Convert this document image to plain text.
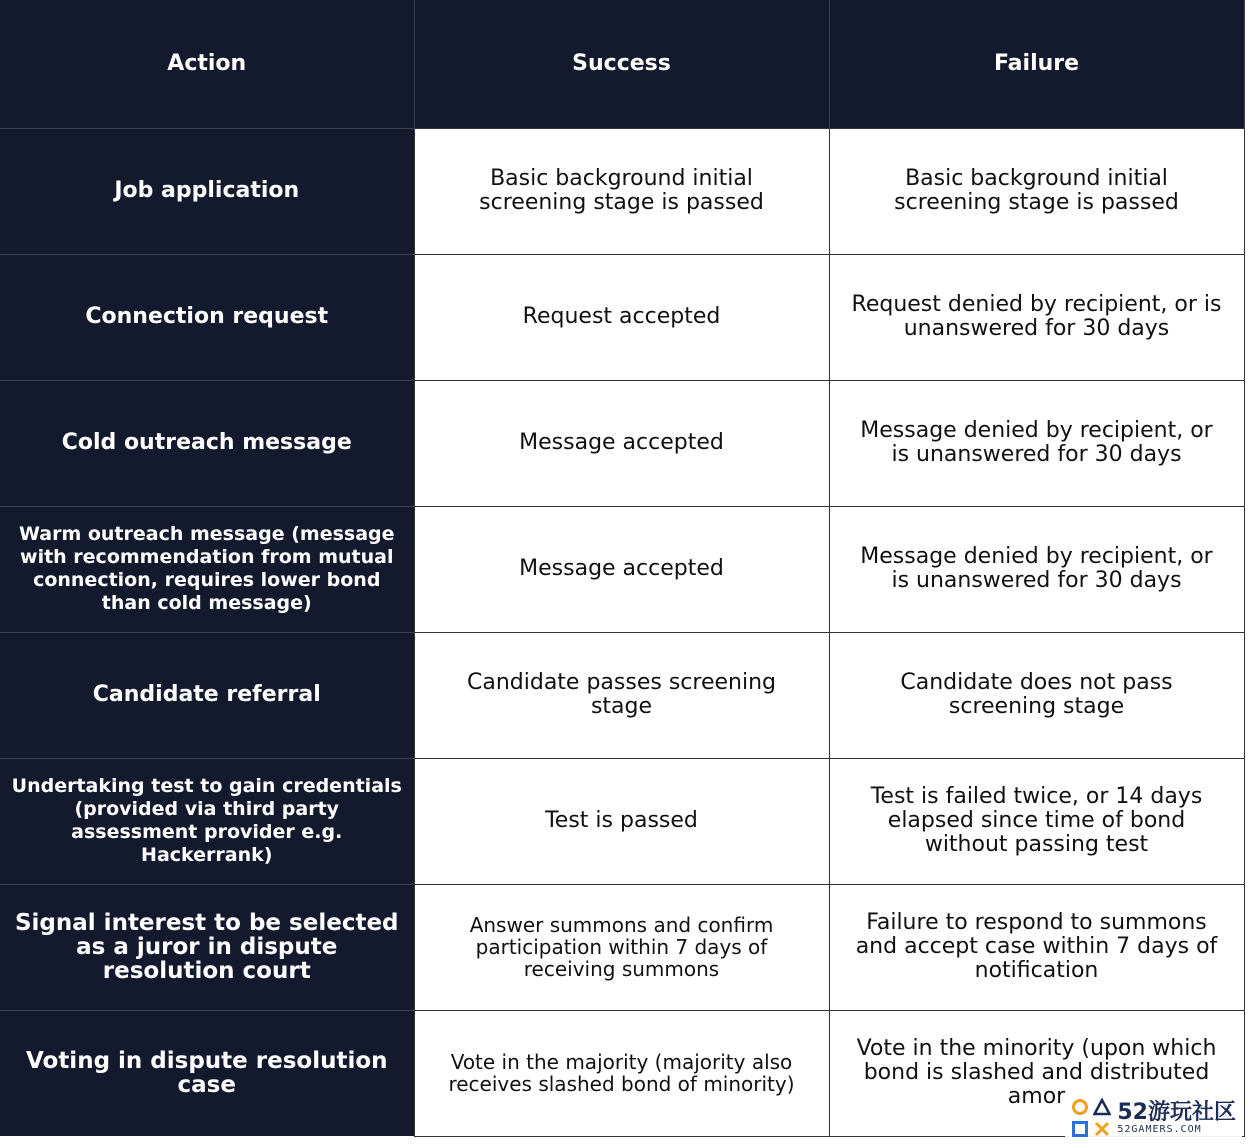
Action	Success	Failure
Job application	Basic background initial screening stage is passed	Basic background initial screening stage is passed
Connection request	Request accepted	Request denied by recipient, or is unanswered for 30 days
Cold outreach message	Message accepted	Message denied by recipient, or is unanswered for 30 days
Warm outreach message (message with recommendation from mutual connection, requires lower bond than cold message)	Message accepted	Message denied by recipient, or is unanswered for 30 days
Candidate referral	Candidate passes screening stage	Candidate does not pass screening stage
Undertaking test to gain credentials (provided via third party assessment provider e.g. Hackerrank)	Test is passed	Test is failed twice, or 14 days elapsed since time of bond without passing test
Signal interest to be selected as a juror in dispute resolution court	Answer summons and confirm participation within 7 days of receiving summons	Failure to respond to summons and accept case within 7 days of notification
Voting in dispute resolution case	Vote in the majority (majority also receives slashed bond of minority)	Vote in the minority (upon which bond is slashed and distributed amor
52游玩社区
52GAMERS.COM
